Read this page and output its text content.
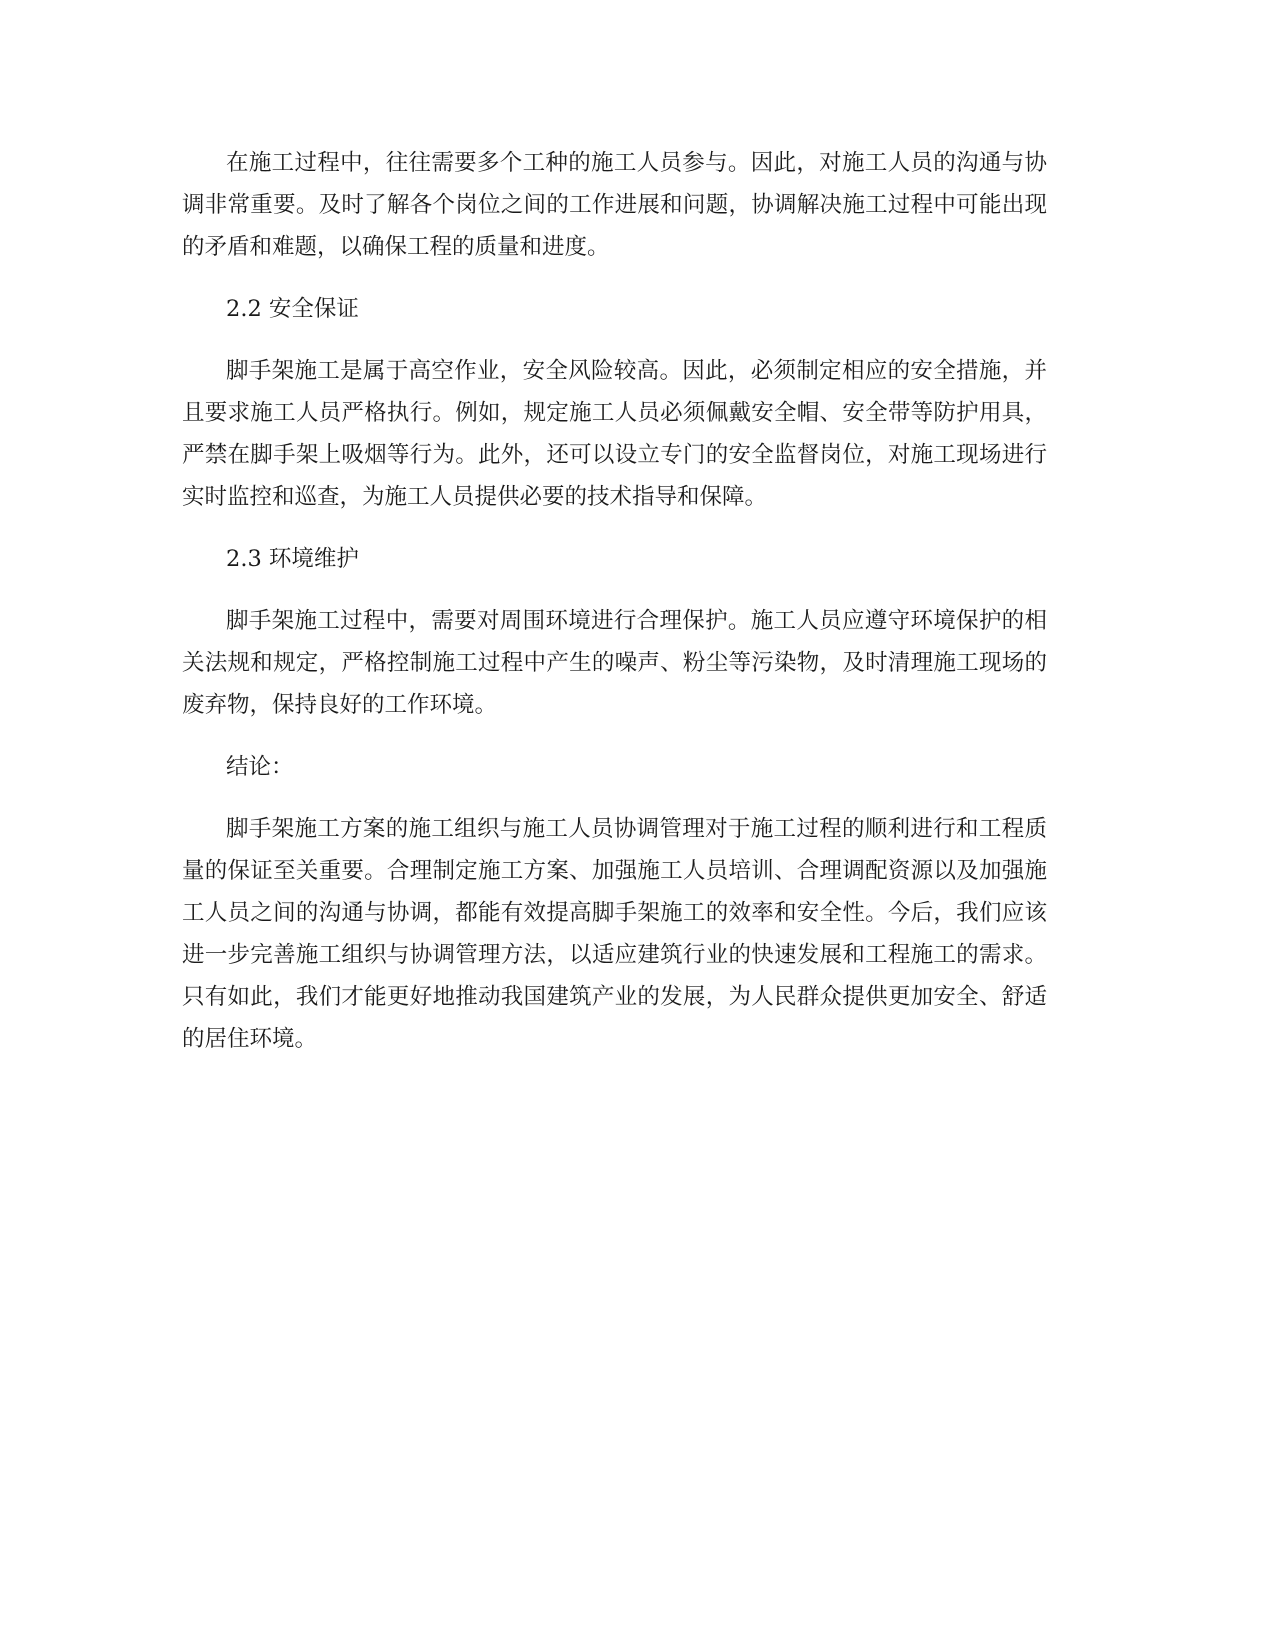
在施工过程中，往往需要多个工种的施工人员参与。因此，对施工人员的沟通与协调非常重要。及时了解各个岗位之间的工作进展和问题，协调解决施工过程中可能出现的矛盾和难题，以确保工程的质量和进度。

2.2 安全保证

脚手架施工是属于高空作业，安全风险较高。因此，必须制定相应的安全措施，并且要求施工人员严格执行。例如，规定施工人员必须佩戴安全帽、安全带等防护用具，严禁在脚手架上吸烟等行为。此外，还可以设立专门的安全监督岗位，对施工现场进行实时监控和巡查，为施工人员提供必要的技术指导和保障。

2.3 环境维护

脚手架施工过程中，需要对周围环境进行合理保护。施工人员应遵守环境保护的相关法规和规定，严格控制施工过程中产生的噪声、粉尘等污染物，及时清理施工现场的废弃物，保持良好的工作环境。

结论：

脚手架施工方案的施工组织与施工人员协调管理对于施工过程的顺利进行和工程质量的保证至关重要。合理制定施工方案、加强施工人员培训、合理调配资源以及加强施工人员之间的沟通与协调，都能有效提高脚手架施工的效率和安全性。今后，我们应该进一步完善施工组织与协调管理方法，以适应建筑行业的快速发展和工程施工的需求。只有如此，我们才能更好地推动我国建筑产业的发展，为人民群众提供更加安全、舒适的居住环境。
